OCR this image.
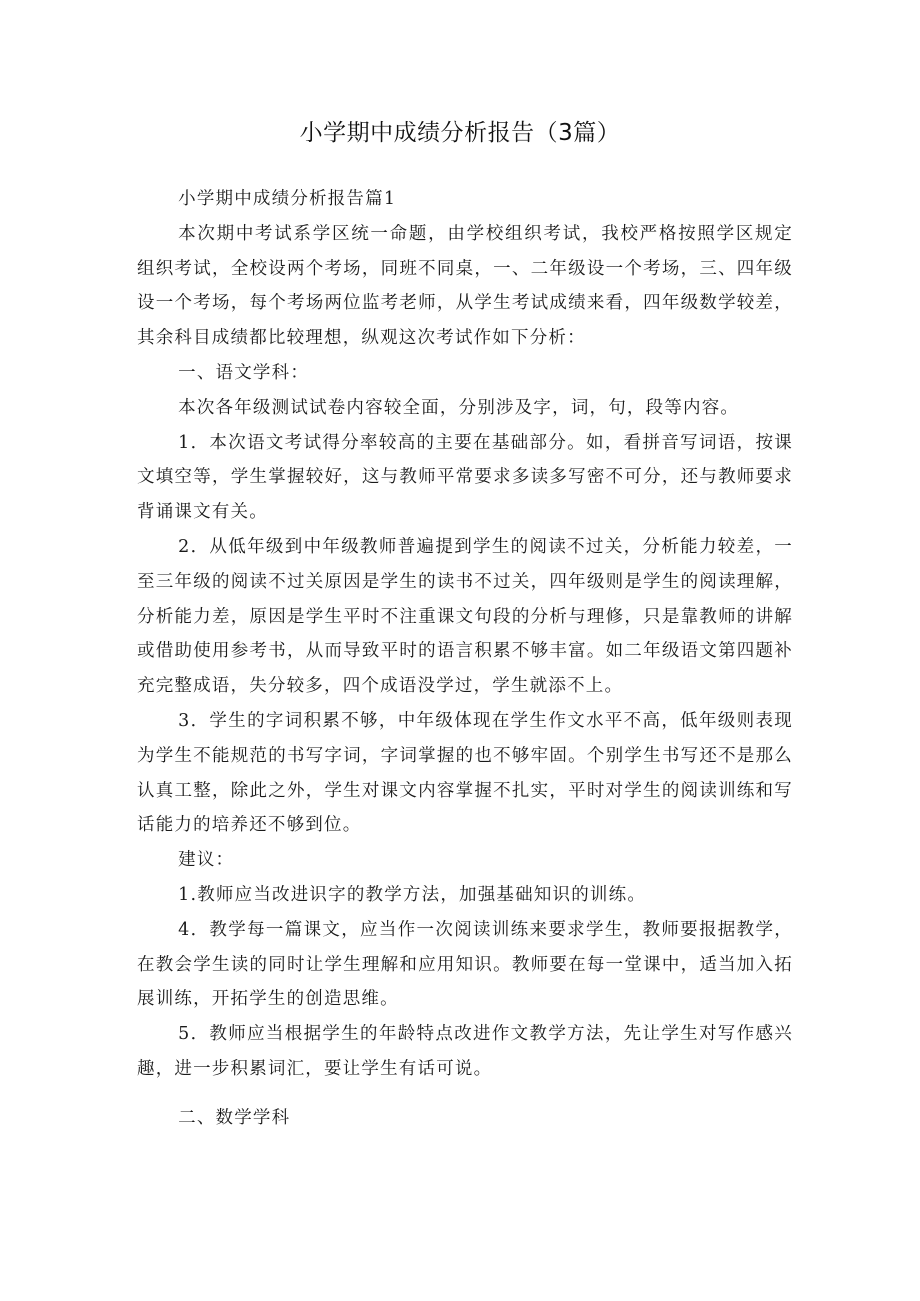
小学期中成绩分析报告（3篇）

小学期中成绩分析报告篇1

本次期中考试系学区统一命题，由学校组织考试，我校严格按照学区规定组织考试，全校设两个考场，同班不同桌，一、二年级设一个考场，三、四年级设一个考场，每个考场两位监考老师，从学生考试成绩来看，四年级数学较差，其余科目成绩都比较理想，纵观这次考试作如下分析：

一、语文学科：

本次各年级测试试卷内容较全面，分别涉及字，词，句，段等内容。

1．本次语文考试得分率较高的主要在基础部分。如，看拼音写词语，按课文填空等，学生掌握较好，这与教师平常要求多读多写密不可分，还与教师要求背诵课文有关。

2．从低年级到中年级教师普遍提到学生的阅读不过关，分析能力较差，一至三年级的阅读不过关原因是学生的读书不过关，四年级则是学生的阅读理解，分析能力差，原因是学生平时不注重课文句段的分析与理修，只是靠教师的讲解或借助使用参考书，从而导致平时的语言积累不够丰富。如二年级语文第四题补充完整成语，失分较多，四个成语没学过，学生就添不上。

3．学生的字词积累不够，中年级体现在学生作文水平不高，低年级则表现为学生不能规范的书写字词，字词掌握的也不够牢固。个别学生书写还不是那么认真工整，除此之外，学生对课文内容掌握不扎实，平时对学生的阅读训练和写话能力的培养还不够到位。

建议：

1.教师应当改进识字的教学方法，加强基础知识的训练。

4．教学每一篇课文，应当作一次阅读训练来要求学生，教师要报据教学，在教会学生读的同时让学生理解和应用知识。教师要在每一堂课中，适当加入拓展训练，开拓学生的创造思维。

5．教师应当根据学生的年龄特点改进作文教学方法，先让学生对写作感兴趣，进一步积累词汇，要让学生有话可说。

二、数学学科
